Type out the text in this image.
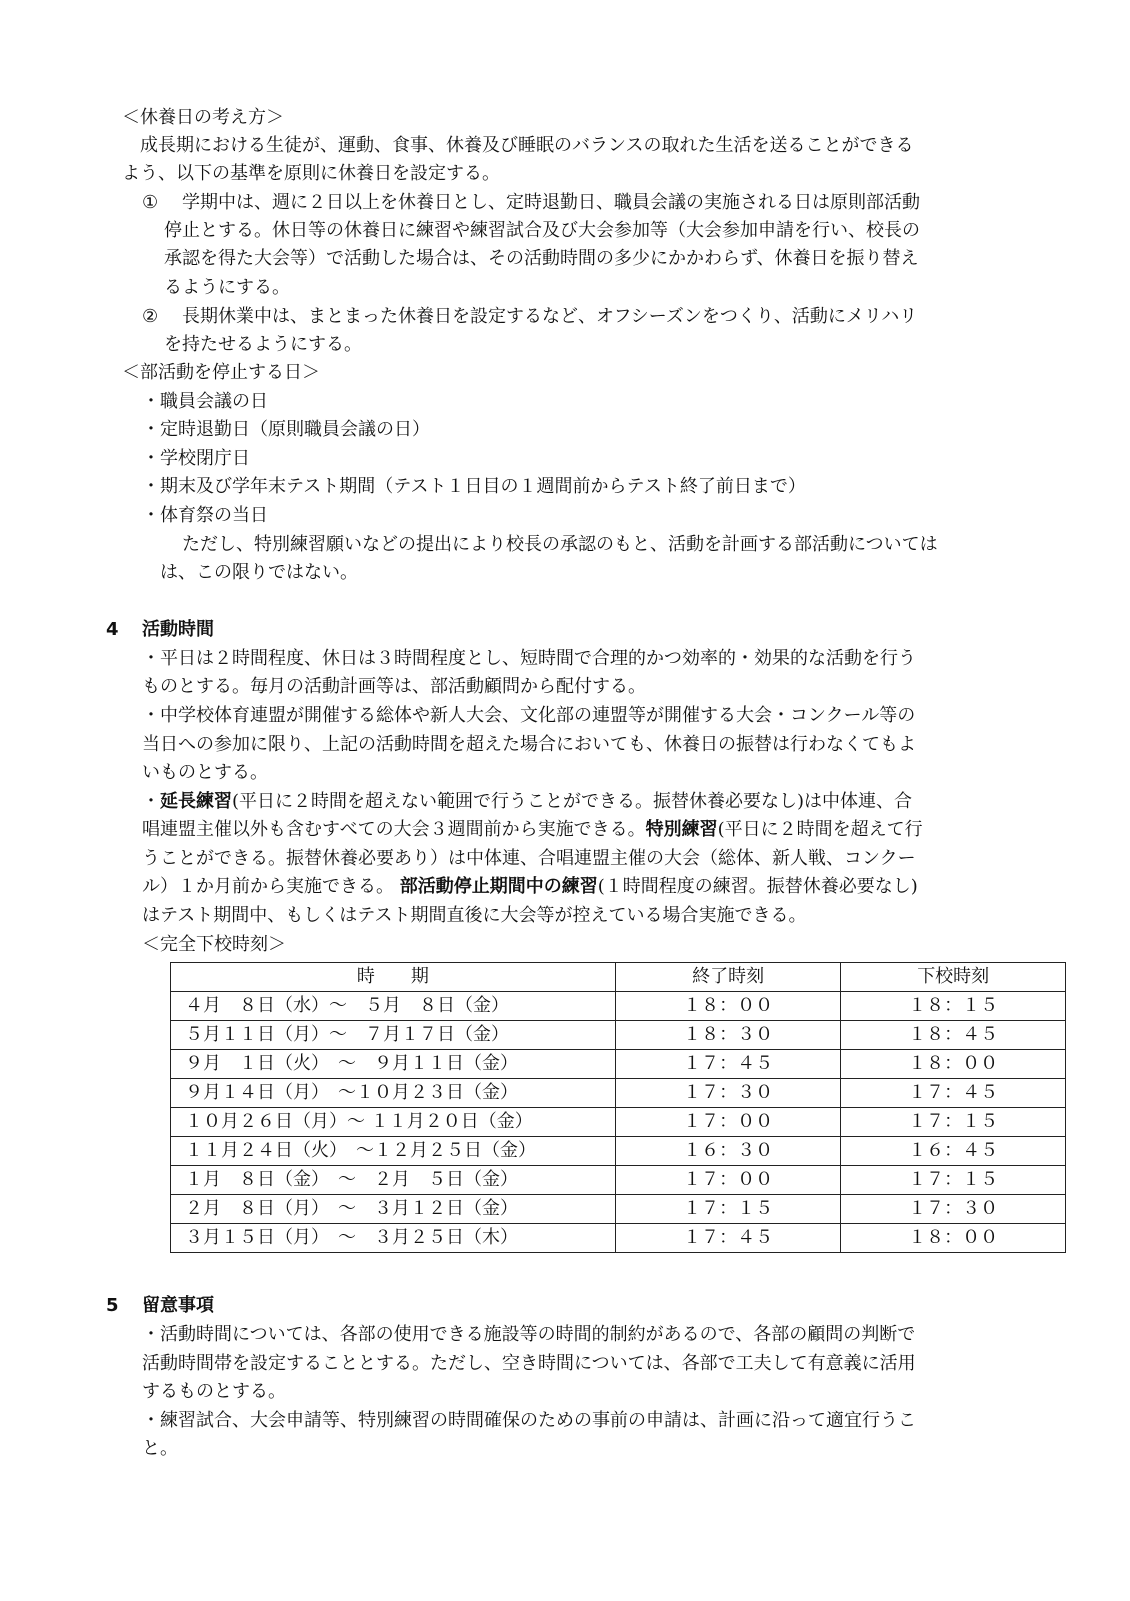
＜休養日の考え方＞
成長期における生徒が、運動、食事、休養及び睡眠のバランスの取れた生活を送ることができる
よう、以下の基準を原則に休養日を設定する。
① 学期中は、週に２日以上を休養日とし、定時退勤日、職員会議の実施される日は原則部活動
停止とする。休日等の休養日に練習や練習試合及び大会参加等（大会参加申請を行い、校長の
承認を得た大会等）で活動した場合は、その活動時間の多少にかかわらず、休養日を振り替え
るようにする。
② 長期休業中は、まとまった休養日を設定するなど、オフシーズンをつくり、活動にメリハリ
を持たせるようにする。
＜部活動を停止する日＞
・職員会議の日
・定時退勤日（原則職員会議の日）
・学校閉庁日
・期末及び学年末テスト期間（テスト１日目の１週間前からテスト終了前日まで）
・体育祭の当日
ただし、特別練習願いなどの提出により校長の承認のもと、活動を計画する部活動については
は、この限りではない。
4 活動時間
・平日は２時間程度、休日は３時間程度とし、短時間で合理的かつ効率的・効果的な活動を行う
ものとする。毎月の活動計画等は、部活動顧問から配付する。
・中学校体育連盟が開催する総体や新人大会、文化部の連盟等が開催する大会・コンクール等の
当日への参加に限り、上記の活動時間を超えた場合においても、休養日の振替は行わなくてもよ
いものとする。
・延長練習(平日に２時間を超えない範囲で行うことができる。振替休養必要なし)は中体連、合
唱連盟主催以外も含むすべての大会３週間前から実施できる。特別練習(平日に２時間を超えて行
うことができる。振替休養必要あり）は中体連、合唱連盟主催の大会（総体、新人戦、コンクー
ル）１か月前から実施できる。 部活動停止期間中の練習(１時間程度の練習。振替休養必要なし)
はテスト期間中、もしくはテスト期間直後に大会等が控えている場合実施できる。
＜完全下校時刻＞
時　　期	終了時刻	下校時刻
４月　８日（水）～　５月　８日（金）	１８：００	１８：１５
５月１１日（月）～　７月１７日（金）	１８：３０	１８：４５
９月　１日（火）　～　９月１１日（金）	１７：４５	１８：００
９月１４日（月）　～１０月２３日（金）	１７：３０	１７：４５
１０月２６日（月）～ １１月２０日（金）	１７：００	１７：１５
１１月２４日（火）　～１２月２５日（金）	１６：３０	１６：４５
１月　８日（金）　～　２月　５日（金）	１７：００	１７：１５
２月　８日（月）　～　３月１２日（金）	１７：１５	１７：３０
３月１５日（月）　～　３月２５日（木）	１７：４５	１８：００
5 留意事項
・活動時間については、各部の使用できる施設等の時間的制約があるので、各部の顧問の判断で
活動時間帯を設定することとする。ただし、空き時間については、各部で工夫して有意義に活用
するものとする。
・練習試合、大会申請等、特別練習の時間確保のための事前の申請は、計画に沿って適宜行うこ
と。
